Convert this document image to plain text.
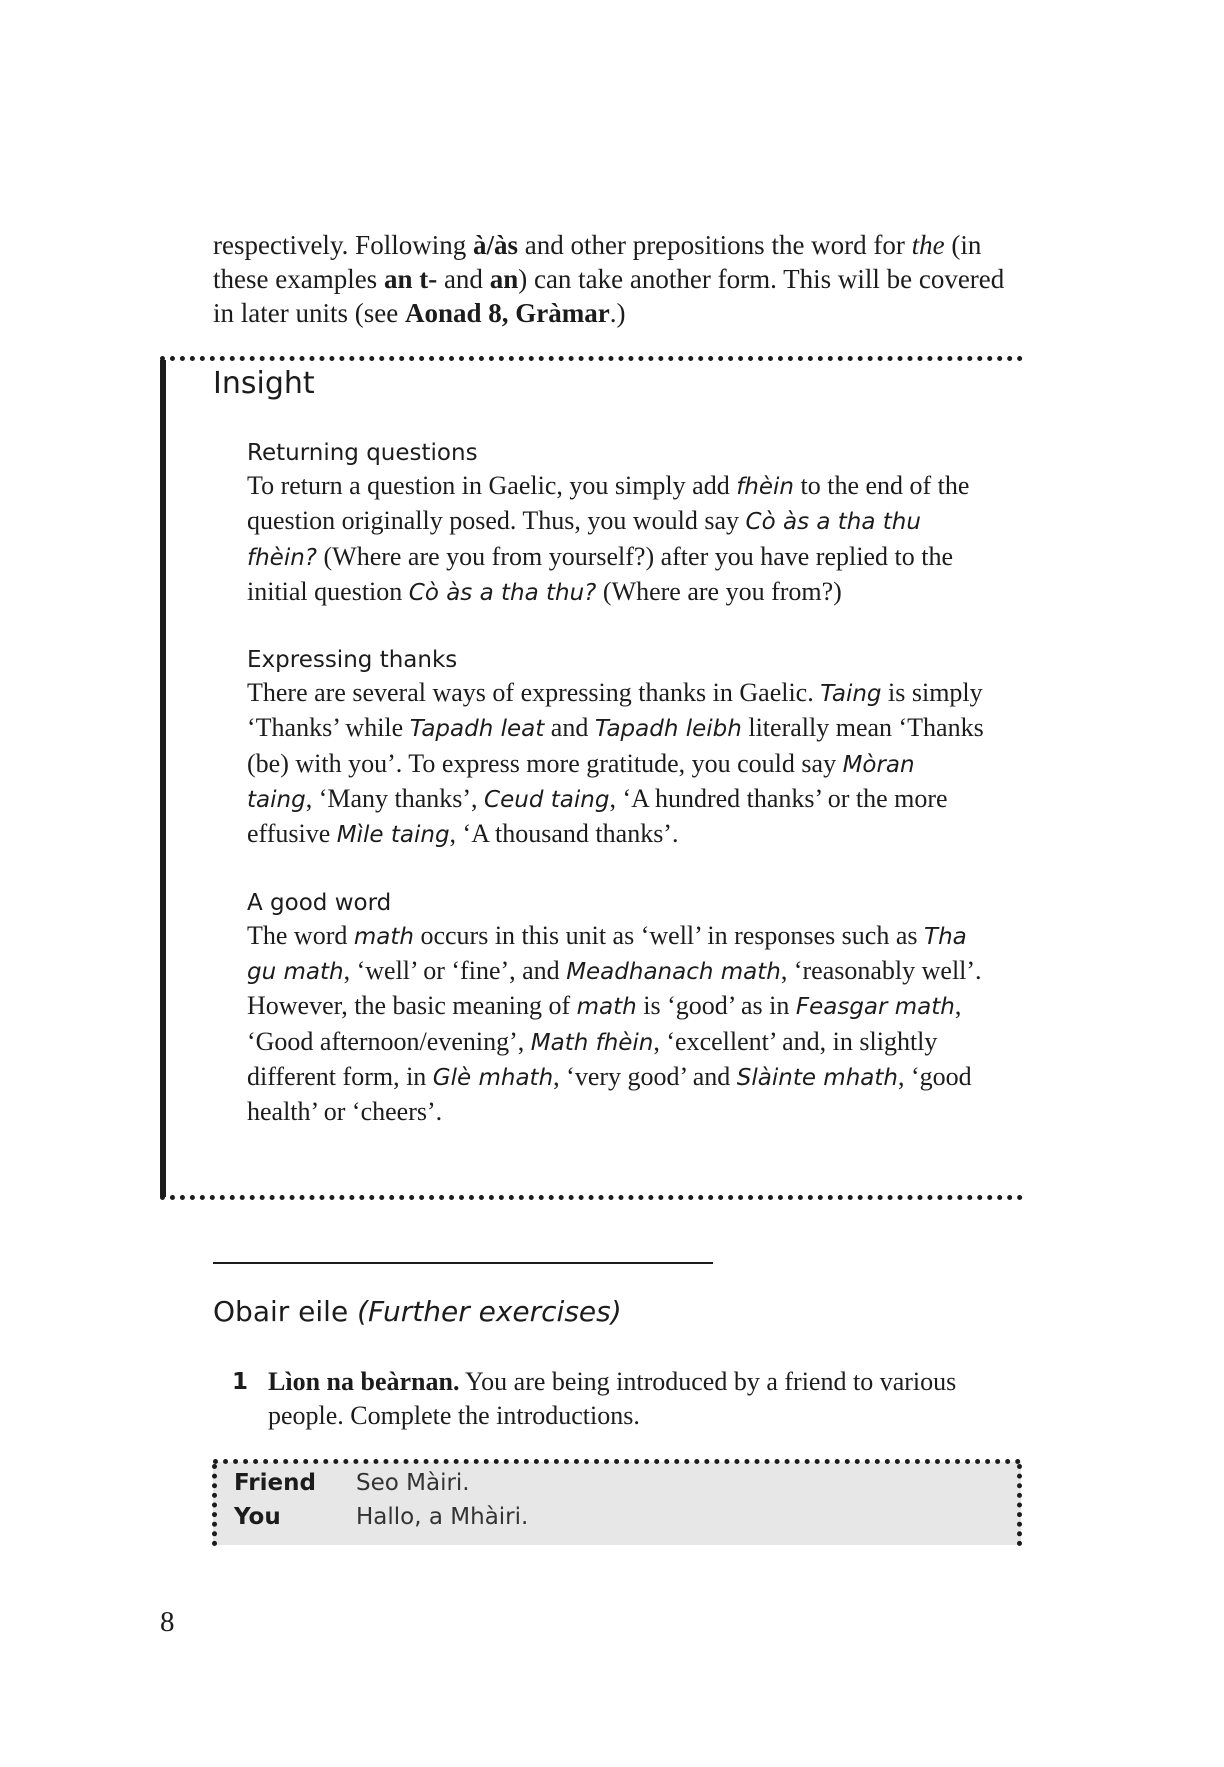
respectively. Following à/às and other prepositions the word for the (in these examples an t- and an) can take another form. This will be covered in later units (see Aonad 8, Gràmar.)

Insight
Returning questions

To return a question in Gaelic, you simply add fhèin to the end of the question originally posed. Thus, you would say Cò às a tha thu fhèin? (Where are you from yourself?) after you have replied to the initial question Cò às a tha thu? (Where are you from?)

Expressing thanks

There are several ways of expressing thanks in Gaelic. Taing is simply ‘Thanks’ while Tapadh leat and Tapadh leibh literally mean ‘Thanks (be) with you’. To express more gratitude, you could say Mòran taing, ‘Many thanks’, Ceud taing, ‘A hundred thanks’ or the more effusive Mìle taing, ‘A thousand thanks’.

A good word

The word math occurs in this unit as ‘well’ in responses such as Tha gu math, ‘well’ or ‘fine’, and Meadhanach math, ‘reasonably well’. However, the basic meaning of math is ‘good’ as in Feasgar math, ‘Good afternoon/evening’, Math fhèin, ‘excellent’ and, in slightly different form, in Glè mhath, ‘very good’ and Slàinte mhath, ‘good health’ or ‘cheers’.

Obair eile (Further exercises)
1 Lìon na beàrnan. You are being introduced by a friend to various people. Complete the introductions.
Friend Seo Màiri.
You	Hallo, a Mhàiri.
8
